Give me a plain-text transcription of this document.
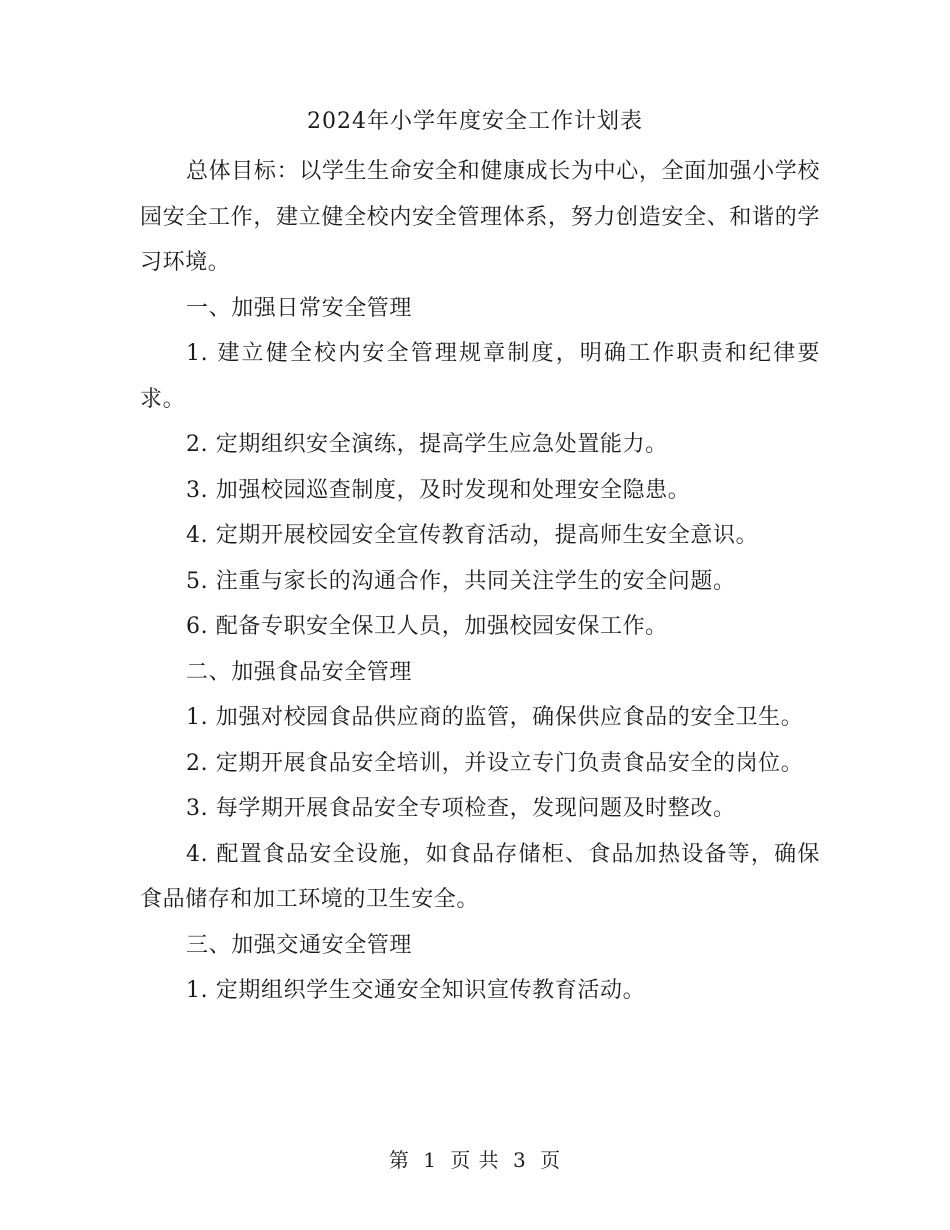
2024年小学年度安全工作计划表

总体目标：以学生生命安全和健康成长为中心，全面加强小学校园安全工作，建立健全校内安全管理体系，努力创造安全、和谐的学习环境。

一、加强日常安全管理

1. 建立健全校内安全管理规章制度，明确工作职责和纪律要求。

2. 定期组织安全演练，提高学生应急处置能力。

3. 加强校园巡查制度，及时发现和处理安全隐患。

4. 定期开展校园安全宣传教育活动，提高师生安全意识。

5. 注重与家长的沟通合作，共同关注学生的安全问题。

6. 配备专职安全保卫人员，加强校园安保工作。

二、加强食品安全管理

1. 加强对校园食品供应商的监管，确保供应食品的安全卫生。

2. 定期开展食品安全培训，并设立专门负责食品安全的岗位。

3. 每学期开展食品安全专项检查，发现问题及时整改。

4. 配置食品安全设施，如食品存储柜、食品加热设备等，确保食品储存和加工环境的卫生安全。

三、加强交通安全管理

1. 定期组织学生交通安全知识宣传教育活动。

第 1 页 共 3 页
